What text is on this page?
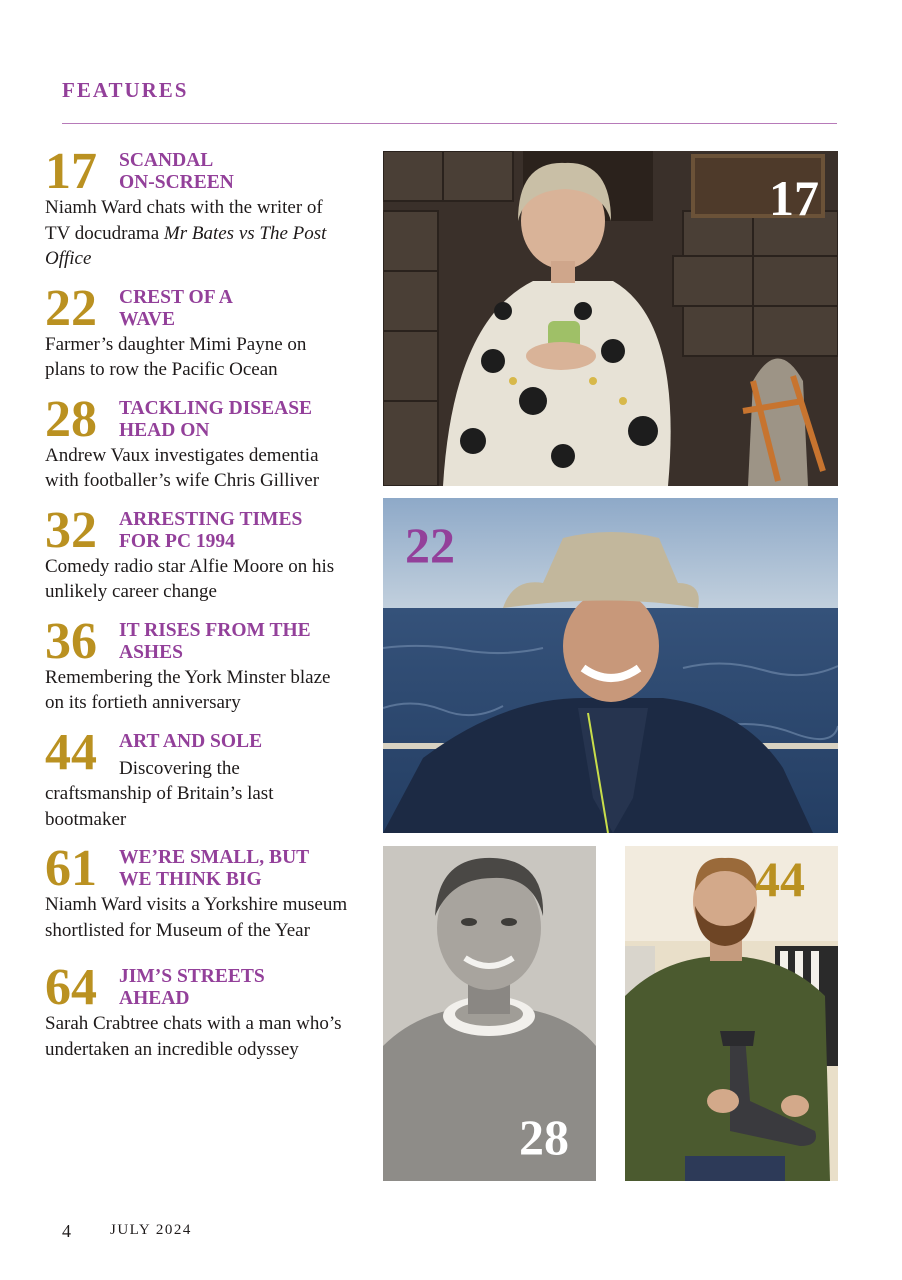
FEATURES
17	SCANDAL
ON-SCREEN
Niamh Ward chats with the writer of TV docudrama Mr Bates vs The Post Office
22	CREST OF A
WAVE
Farmer’s daughter Mimi Payne on plans to row the Pacific Ocean
28	TACKLING DISEASE
HEAD ON
Andrew Vaux investigates dementia with footballer’s wife Chris Gilliver
32	ARRESTING TIMES
FOR PC 1994
Comedy radio star Alfie Moore on his unlikely career change
36	IT RISES FROM THE
ASHES
Remembering the York Minster blaze on its fortieth anniversary
44	ART AND SOLE
Discovering the
craftsmanship of Britain’s last bootmaker
61	WE’RE SMALL, BUT
WE THINK BIG
Niamh Ward visits a Yorkshire museum shortlisted for Museum of the Year
64	JIM’S STREETS
AHEAD
Sarah Crabtree chats with a man who’s undertaken an incredible odyssey
17
22
28
44
4	JULY 2024
